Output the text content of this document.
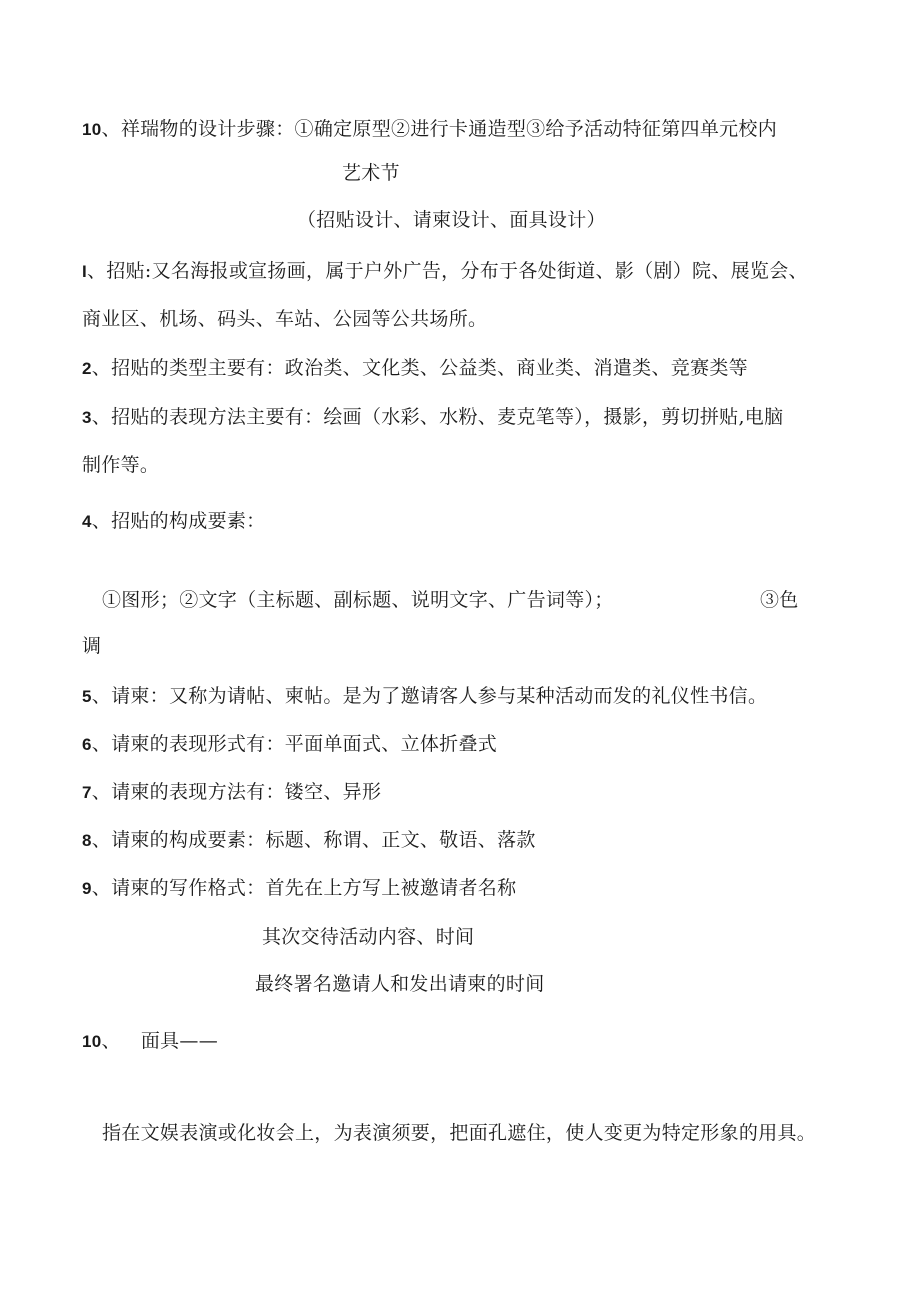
10、祥瑞物的设计步骤：①确定原型②进行卡通造型③给予活动特征第四单元校内
艺术节
（招贴设计、请柬设计、面具设计）
I、招贴:又名海报或宣扬画，属于户外广告，分布于各处街道、影（剧）院、展览会、
商业区、机场、码头、车站、公园等公共场所。
2、招贴的类型主要有：政治类、文化类、公益类、商业类、消遣类、竞赛类等
3、招贴的表现方法主要有：绘画（水彩、水粉、麦克笔等），摄影，剪切拼贴,电脑
制作等。
4、招贴的构成要素：
①图形；②文字（主标题、副标题、说明文字、广告词等）；	③色
调
5、请柬：又称为请帖、柬帖。是为了邀请客人参与某种活动而发的礼仪性书信。
6、请柬的表现形式有：平面单面式、立体折叠式
7、请柬的表现方法有：镂空、异形
8、请柬的构成要素：标题、称谓、正文、敬语、落款
9、请柬的写作格式：首先在上方写上被邀请者名称
其次交待活动内容、时间
最终署名邀请人和发出请柬的时间
10、 面具——
指在文娱表演或化妆会上，为表演须要，把面孔遮住，使人变更为特定形象的用具。
